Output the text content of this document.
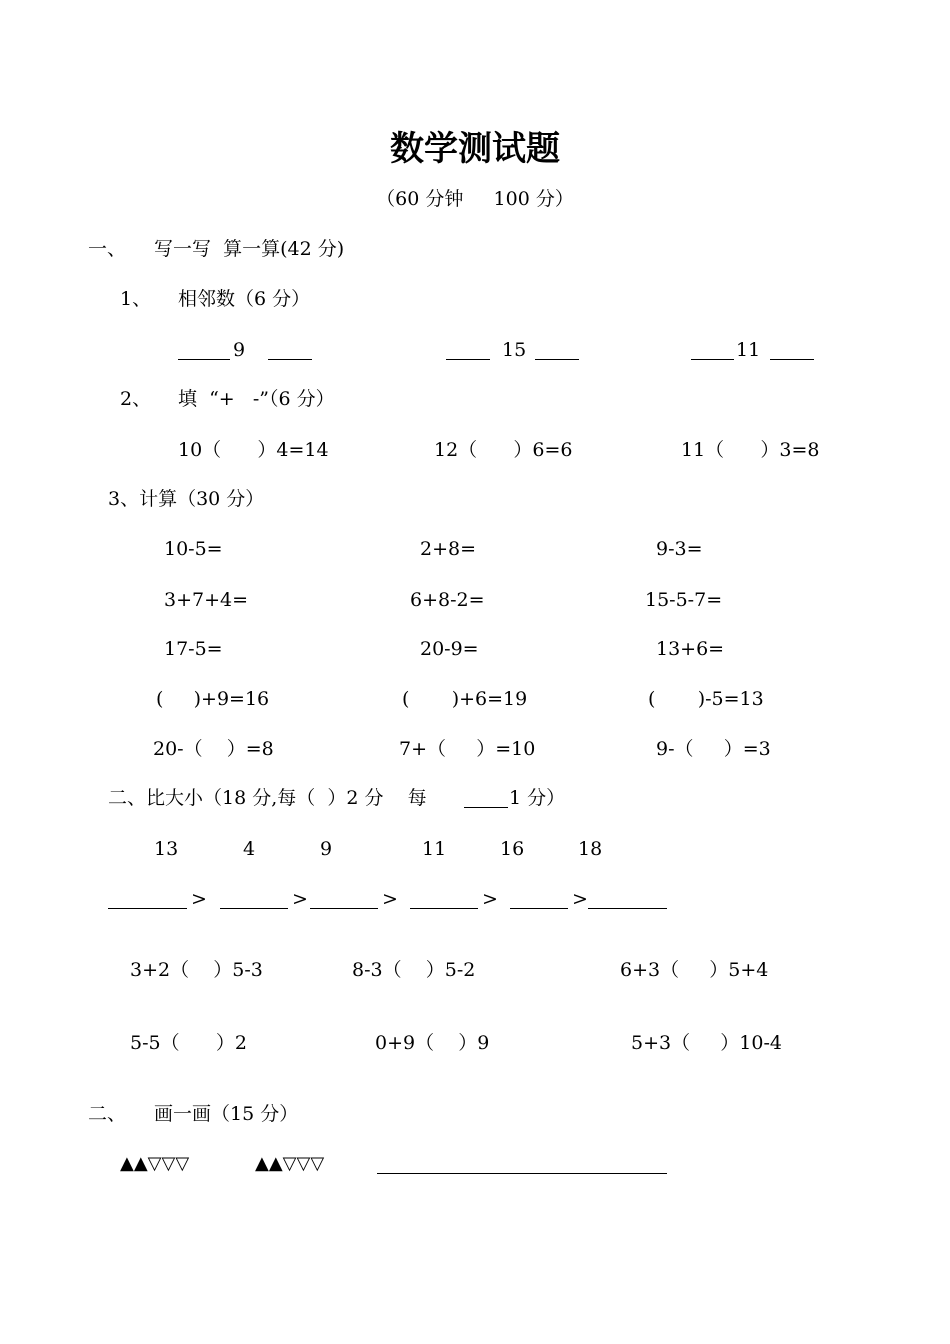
数学测试题
（60 分钟     100 分）
一、 写一写  算一算(42 分)
1、 相邻数（6 分）
9	15	11
2、 填  “+   -”（6 分）
10（      ）4=14	12（      ）6=6	11（      ）3=8
3、计算（30 分）
10-5=	2+8=	9-3=
3+7+4=	6+8-2=	15-5-7=
17-5=	20-9=	13+6=
(     )+9=16	(       )+6=19	(       )-5=13
20-（    ）=8	7+（     ）=10	9-（     ）=3
二、比大小（18 分,每（  ）2 分    每	1 分）
13	4	9	11	16	18
>	>	>	>	>
3+2（    ）5-3	8-3（    ）5-2	6+3（     ）5+4
5-5（      ）2	0+9（    ）9	5+3（     ）10-4
二、 画一画（15 分）
▲▲▽▽▽	▲▲▽▽▽
